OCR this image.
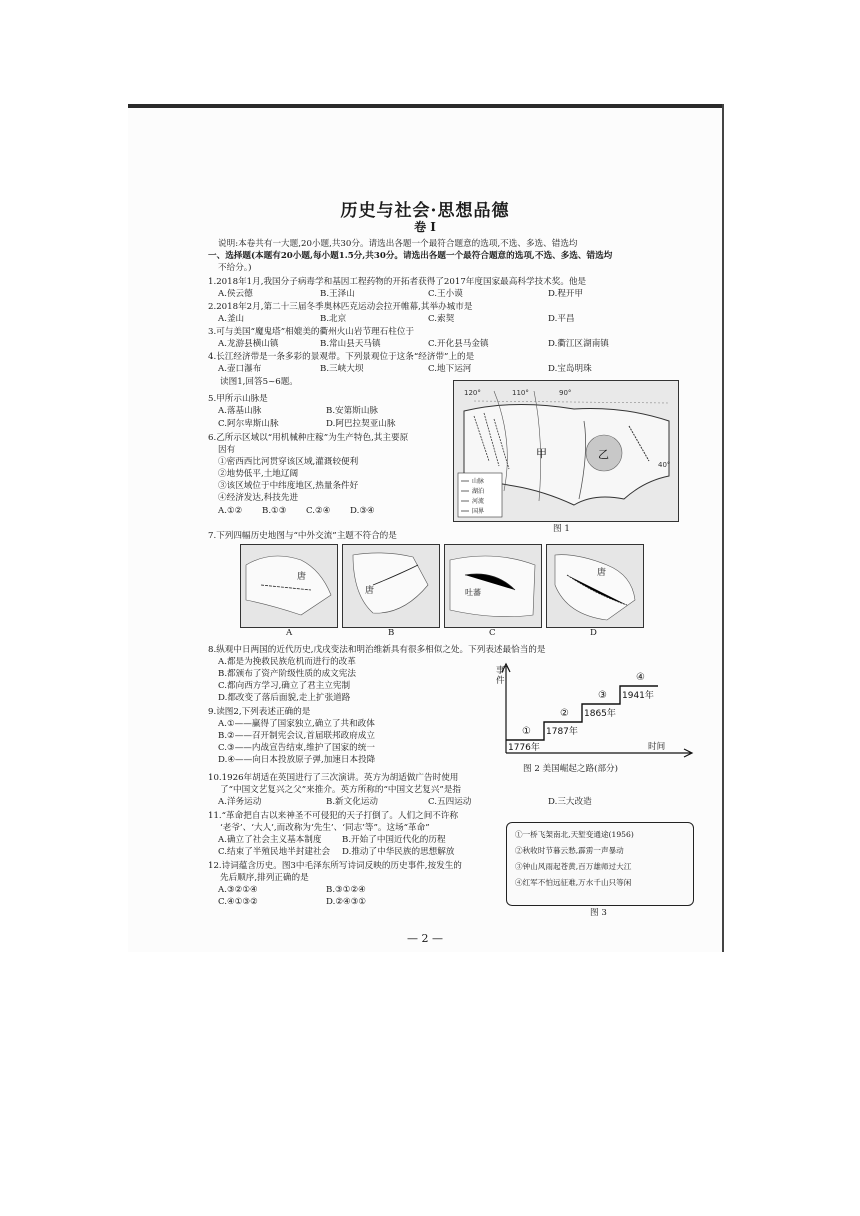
历史与社会·思想品德
卷 Ⅰ
说明:本卷共有一大题,20小题,共30分。请选出各题一个最符合题意的选项,不选、多选、错选均
一、选择题(本题有20小题,每小题1.5分,共30分。请选出各题一个最符合题意的选项,不选、多选、错选均
不给分。)
1.2018年1月,我国分子病毒学和基因工程药物的开拓者获得了2017年度国家最高科学技术奖。他是
A.侯云德	B.王泽山	C.王小谟	D.程开甲
2.2018年2月,第二十三届冬季奥林匹克运动会拉开帷幕,其举办城市是
A.釜山	B.北京	C.索契	D.平昌
3.可与美国“魔鬼塔”相媲美的衢州火山岩节理石柱位于
A.龙游县横山镇	B.常山县天马镇	C.开化县马金镇	D.衢江区湖南镇
4.长江经济带是一条多彩的景观带。下列景观位于这条“经济带”上的是
A.壶口瀑布	B.三峡大坝	C.地下运河	D.宝岛明珠
读图1,回答5~6题。
5.甲所示山脉是
A.落基山脉	B.安第斯山脉
C.阿尔卑斯山脉	D.阿巴拉契亚山脉
6.乙所示区域以“用机械种庄稼”为生产特色,其主要原
因有
①密西西比河贯穿该区域,灌溉较便利
②地势低平,土地辽阔
③该区域位于中纬度地区,热量条件好
④经济发达,科技先进
A.①② B.①③ C.②④ D.③④
120°	110°	90°
40°
甲	乙
山脉
湖泊
河流
国界
图 1
7.下列四幅历史地图与“中外交流”主题不符合的是
唐
唐	吐蕃
唐
A	B	C	D
8.纵观中日两国的近代历史,戊戌变法和明治维新具有很多相似之处。下列表述最恰当的是
A.都是为挽救民族危机而进行的改革
B.都颁布了资产阶级性质的成文宪法
C.都向西方学习,确立了君主立宪制
D.都改变了落后面貌,走上扩张道路
9.读图2,下列表述正确的是
A.①——赢得了国家独立,确立了共和政体
B.②——召开制宪会议,首届联邦政府成立
C.③——内战宣告结束,维护了国家的统一
D.④——向日本投放原子弹,加速日本投降
1776年
1787年
1865年
1941年
①
②
③
④
事件
时间
图 2 美国崛起之路(部分)
10.1926年胡适在英国进行了三次演讲。英方为胡适做广告时使用
了“中国文艺复兴之父”来推介。英方所称的“中国文艺复兴”是指
A.洋务运动	B.新文化运动	C.五四运动	D.三大改造
11.“革命把自古以来神圣不可侵犯的天子打倒了。人们之间不许称
‘老爷’、‘大人’,而改称为‘先生’、‘同志’等”。这场“革命”
A.确立了社会主义基本制度 B.开始了中国近代化的历程
C.结束了半殖民地半封建社会 D.推动了中华民族的思想解放
12.诗词蕴含历史。图3中毛泽东所写诗词反映的历史事件,按发生的
先后顺序,排列正确的是
A.③②①④	B.③①②④
C.④①③②	D.②④③①
①一桥飞架南北,天堑变通途(1956)
②秋收时节暮云愁,霹雳一声暴动
③钟山风雨起苍黄,百万雄师过大江
④红军不怕远征难,万水千山只等闲
图 3
— 2 —
